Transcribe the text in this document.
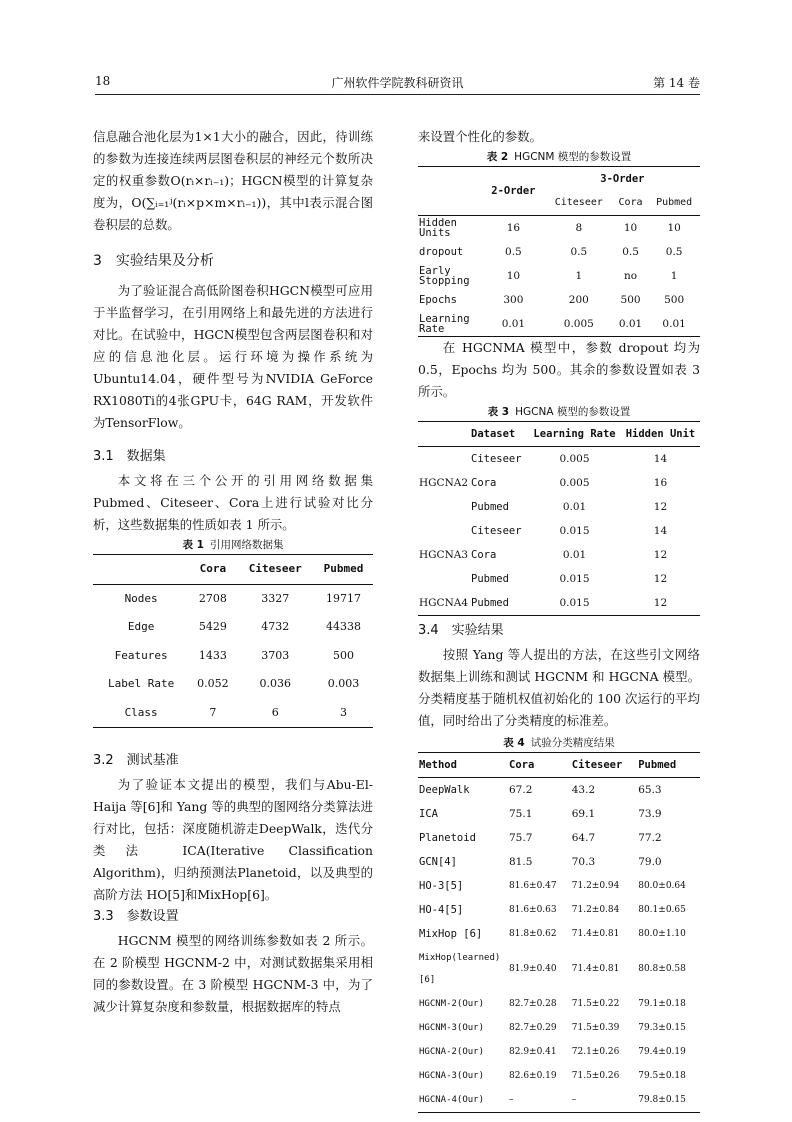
18	广州软件学院教科研资讯	第 14 卷

信息融合池化层为1×1大小的融合，因此，待训练的参数为连接连续两层图卷积层的神经元个数所决定的权重参数O(rᵢ×rᵢ₋₁)；HGCN模型的计算复杂度为，O(∑ᵢ₌₁ʲ(rᵢ×p×m×rᵢ₋₁))，其中l表示混合图卷积层的总数。

3　实验结果及分析

为了验证混合高低阶图卷积HGCN模型可应用于半监督学习，在引用网络上和最先进的方法进行对比。在试验中，HGCN模型包含两层图卷积和对应的信息池化层。运行环境为操作系统为Ubuntu14.04，硬件型号为NVIDIA GeForce RX1080Ti的4张GPU卡，64G RAM，开发软件为TensorFlow。

3.1　数据集

本文将在三个公开的引用网络数据集Pubmed、Citeseer、Cora上进行试验对比分析，这些数据集的性质如表 1 所示。

表 1 引用网络数据集
	Cora	Citeseer	Pubmed
Nodes	2708	3327	19717
Edge	5429	4732	44338
Features	1433	3703	500
Label Rate	0.052	0.036	0.003
Class	7	6	3
3.2　测试基准

为了验证本文提出的模型，我们与Abu-El-Haija 等[6]和 Yang 等的典型的图网络分类算法进行对比，包括：深度随机游走DeepWalk，迭代分类法 ICA(Iterative Classification Algorithm)，归纳预测法Planetoid，以及典型的高阶方法 HO[5]和MixHop[6]。

3.3　参数设置

HGCNM 模型的网络训练参数如表 2 所示。在 2 阶模型 HGCNM-2 中，对测试数据集采用相同的参数设置。在 3 阶模型 HGCNM-3 中，为了减少计算复杂度和参数量，根据数据库的特点

来设置个性化的参数。

表 2 HGCNM 模型的参数设置
	2-Order	3-Order		
		Citeseer	Cora	Pubmed
Hidden Units	16	8	10	10
dropout	0.5	0.5	0.5	0.5
Early Stopping	10	1	no	1
Epochs	300	200	500	500
Learning Rate	0.01	0.005	0.01	0.01

在 HGCNMA 模型中，参数 dropout 均为 0.5，Epochs 均为 500。其余的参数设置如表 3 所示。

表 3 HGCNA 模型的参数设置
	Dataset	Learning Rate	Hidden Unit
HGCNA2	Citeseer	0.005	14
	Cora	0.005	16
	Pubmed	0.01	12
HGCNA3	Citeseer	0.015	14
	Cora	0.01	12
	Pubmed	0.015	12
HGCNA4	Pubmed	0.015	12
3.4　实验结果

按照 Yang 等人提出的方法，在这些引文网络数据集上训练和测试 HGCNM 和 HGCNA 模型。分类精度基于随机权值初始化的 100 次运行的平均值，同时给出了分类精度的标准差。

表 4 试验分类精度结果
Method	Cora	Citeseer	Pubmed
DeepWalk	67.2	43.2	65.3
ICA	75.1	69.1	73.9
Planetoid	75.7	64.7	77.2
GCN[4]	81.5	70.3	79.0
HO-3[5]	81.6±0.47	71.2±0.94	80.0±0.64
HO-4[5]	81.6±0.63	71.2±0.84	80.1±0.65
MixHop [6]	81.8±0.62	71.4±0.81	80.0±1.10
MixHop(learned)[6]	81.9±0.40	71.4±0.81	80.8±0.58
HGCNM-2(Our)	82.7±0.28	71.5±0.22	79.1±0.18
HGCNM-3(Our)	82.7±0.29	71.5±0.39	79.3±0.15
HGCNA-2(Our)	82.9±0.41	72.1±0.26	79.4±0.19
HGCNA-3(Our)	82.6±0.19	71.5±0.26	79.5±0.18
HGCNA-4(Our)	–	–	79.8±0.15
